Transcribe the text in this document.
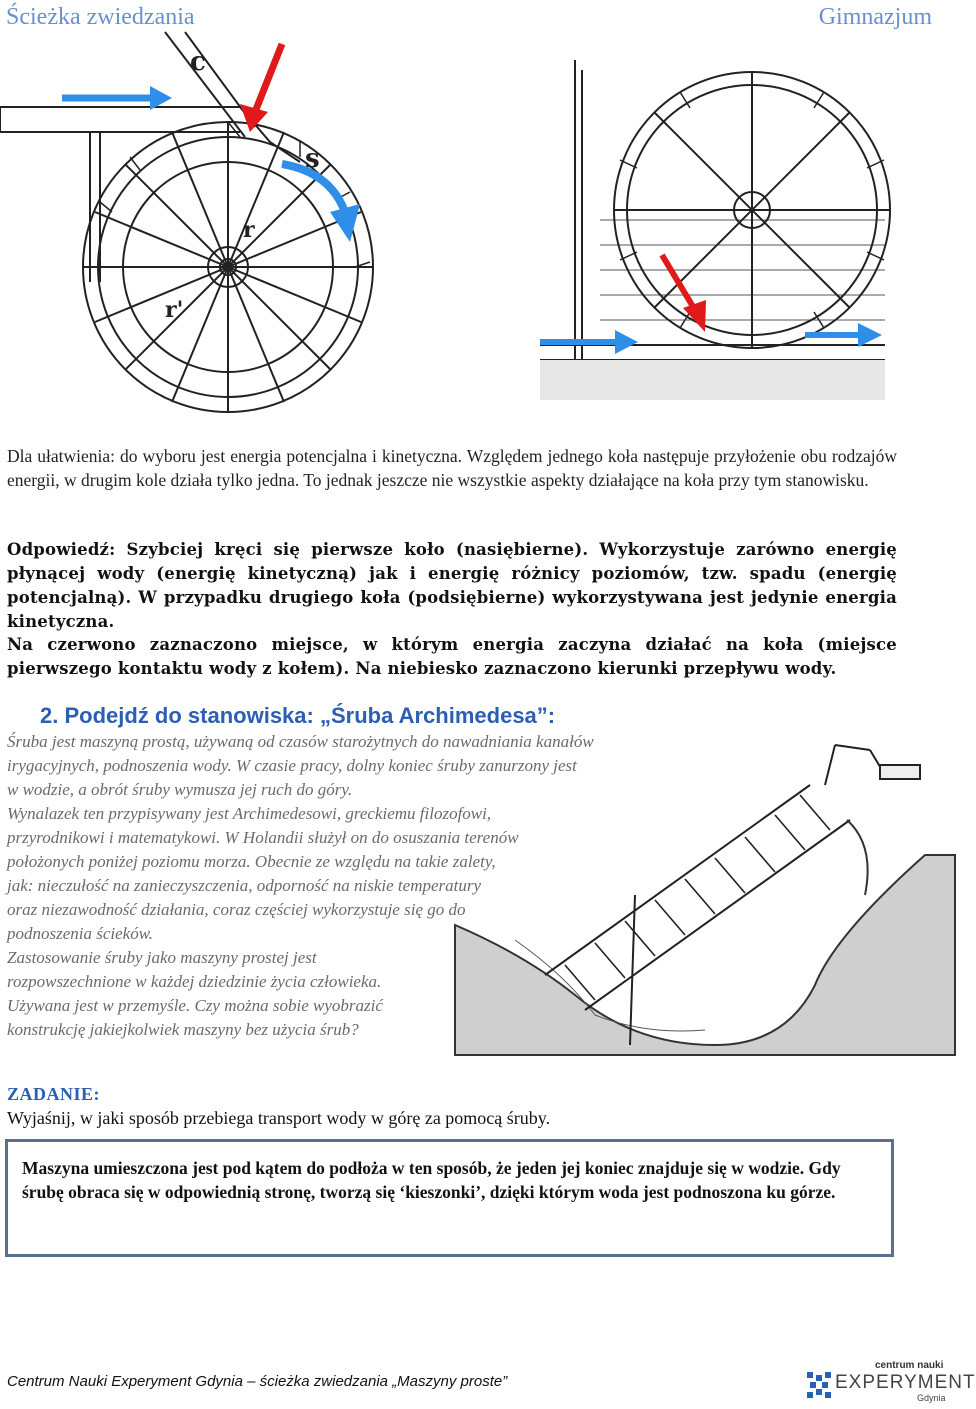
Ścieżka zwiedzania	Gimnazjum
c
s
r
r'
Dla ułatwienia: do wyboru jest energia potencjalna i kinetyczna. Względem jednego koła następuje przyłożenie obu rodzajów energii, w drugim kole działa tylko jedna. To jednak jeszcze nie wszystkie aspekty działające na koła przy tym stanowisku.
Odpowiedź: Szybciej kręci się pierwsze koło (nasiębierne). Wykorzystuje zarówno energię płynącej wody (energię kinetyczną) jak i energię różnicy poziomów, tzw. spadu (energię potencjalną). W przypadku drugiego koła (podsiębierne) wykorzystywana jest jedynie energia kinetyczna.
Na czerwono zaznaczono miejsce, w którym energia zaczyna działać na koła (miejsce pierwszego kontaktu wody z kołem). Na niebiesko zaznaczono kierunki przepływu wody.
2. Podejdź do stanowiska: „Śruba Archimedesa”:
Śruba jest maszyną prostą, używaną od czasów starożytnych do nawadniania kanałów
irygacyjnych, podnoszenia wody. W czasie pracy, dolny koniec śruby zanurzony jest
w wodzie, a obrót śruby wymusza jej ruch do góry.
Wynalazek ten przypisywany jest Archimedesowi, greckiemu filozofowi,
przyrodnikowi i matematykowi. W Holandii służył on do osuszania terenów
położonych poniżej poziomu morza. Obecnie ze względu na takie zalety,
jak: nieczułość na zanieczyszczenia, odporność na niskie temperatury
oraz niezawodność działania, coraz częściej wykorzystuje się go do
podnoszenia ścieków.
Zastosowanie śruby jako maszyny prostej jest
rozpowszechnione w każdej dziedzinie życia człowieka.
Używana jest w przemyśle. Czy można sobie wyobrazić
konstrukcję jakiejkolwiek maszyny bez użycia śrub?
ZADANIE:
Wyjaśnij, w jaki sposób przebiega transport wody w górę za pomocą śruby.
Maszyna umieszczona jest pod kątem do podłoża w ten sposób, że jeden jej koniec znajduje się w wodzie. Gdy śrubę obraca się w odpowiednią stronę, tworzą się ‘kieszonki’, dzięki którym woda jest podnoszona ku górze.
Centrum Nauki Experyment Gdynia – ścieżka zwiedzania „Maszyny proste”
centrum nauki
EXPERYMENT
Gdynia
